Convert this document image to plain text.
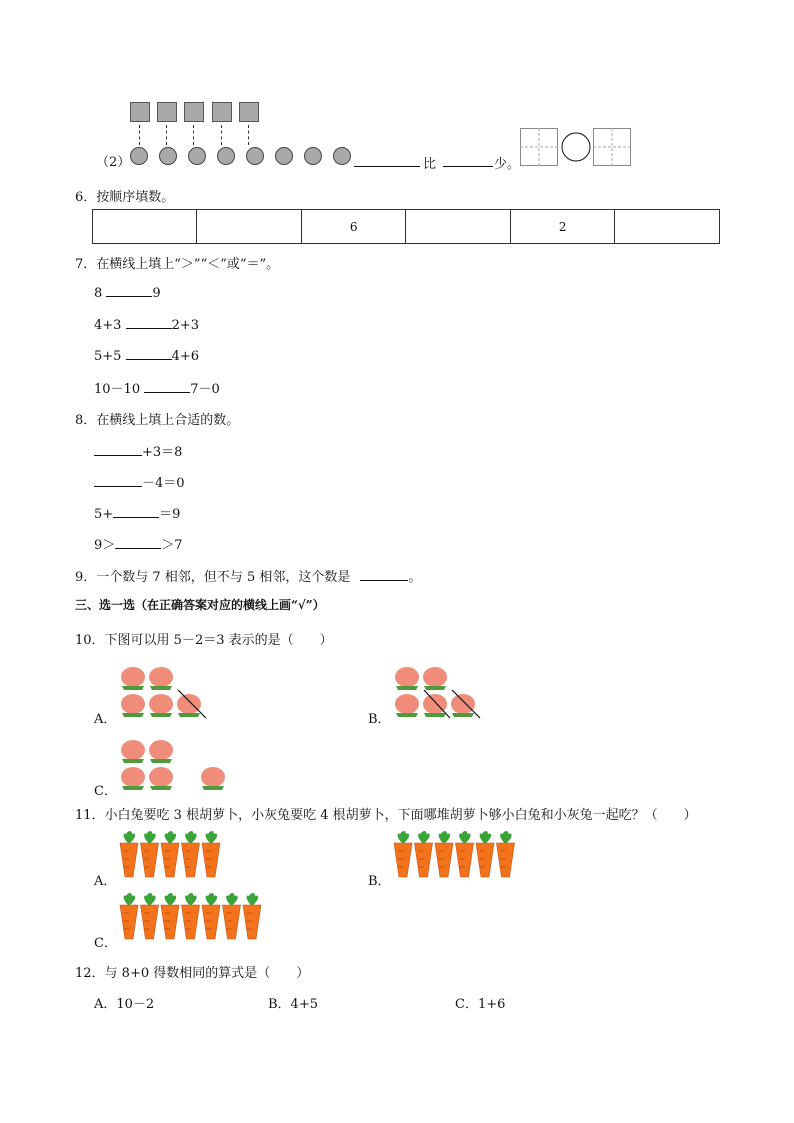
（2）	比	少。
6．按顺序填数。
		6		2	
7．在横线上填上“＞”“＜”或“＝”。
8	9
4+3	2+3
5+5	4+6
10－10	7－0
8．在横线上填上合适的数。
+3＝8
－4＝0
5+	＝9
9＞	＞7
9．一个数与 7 相邻，但不与 5 相邻，这个数是	。
三、选一选（在正确答案对应的横线上画“√”）
10．下图可以用 5－2＝3 表示的是（　　）
A．	B．
C．
11．小白兔要吃 3 根胡萝卜，小灰兔要吃 4 根胡萝卜，下面哪堆胡萝卜够小白兔和小灰兔一起吃？（　　）
A．	B．
C．
12．与 8+0 得数相同的算式是（　　）
A．10－2	B．4+5	C．1+6
